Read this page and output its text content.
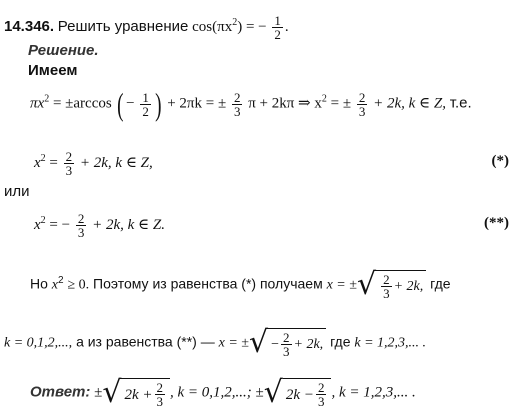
14.346. Решить уравнение $\cos(\pi x^2)$ = − $\frac{1}{2}$ .
Решение.
Имеем
$\pi x^2 = \pm\arccos$ ( − $\frac{1}{2}$ ) + 2πk = ± $\frac{2}{3}$ π + 2kπ ⇒ $x^2$ = ± $\frac{2}{3} + 2k$, k ∈ Z, т.е.
$x^2 = \frac{2}{3} + 2k$, k ∈ Z,	(*)
или
$x^2$ = − $\frac{2}{3} + 2k$, k ∈ Z.	(**)
Но $x^2 \ge 0$. Поэтому из равенства (*) получаем x = ± √ $\frac{2}{3} + 2k$, где
k = 0,1,2,..., а из равенства (**) — x = ± √ − $\frac{2}{3} + 2k$, где k = 1,2,3,... .
Ответ: ± √ $2k + \frac{2}{3}$ , k = 0,1,2,...; ± √ $2k - \frac{2}{3}$ , k = 1,2,3,... .
